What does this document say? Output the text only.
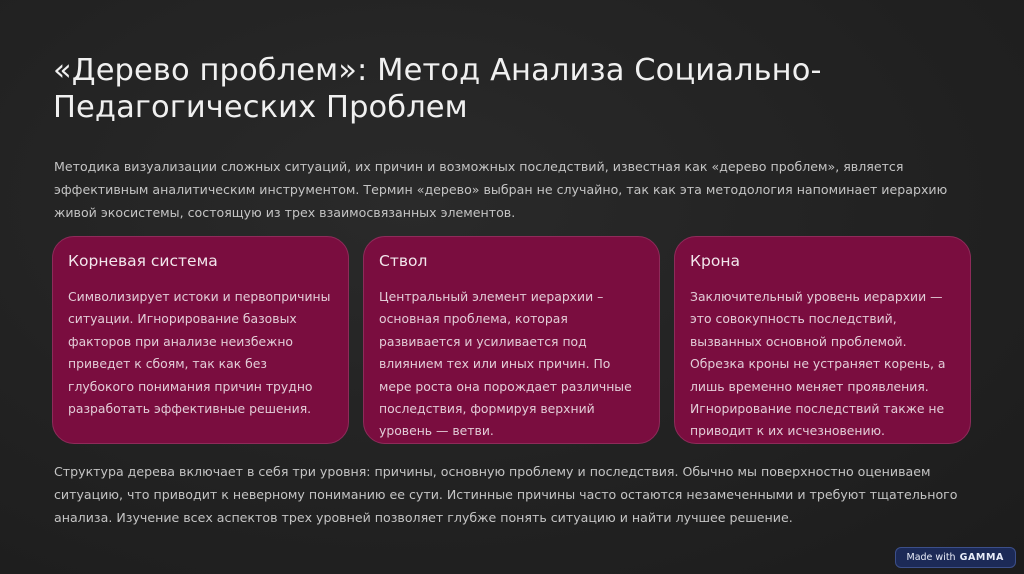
«Дерево проблем»: Метод Анализа Социально-Педагогических Проблем

Методика визуализации сложных ситуаций, их причин и возможных последствий, известная как «дерево проблем», является эффективным аналитическим инструментом. Термин «дерево» выбран не случайно, так как эта методология напоминает иерархию живой экосистемы, состоящую из трех взаимосвязанных элементов.

Корневая система

Символизирует истоки и первопричины ситуации. Игнорирование базовых факторов при анализе неизбежно приведет к сбоям, так как без глубокого понимания причин трудно разработать эффективные решения.

Ствол

Центральный элемент иерархии – основная проблема, которая развивается и усиливается под влиянием тех или иных причин. По мере роста она порождает различные последствия, формируя верхний уровень — ветви.

Крона

Заключительный уровень иерархии — это совокупность последствий, вызванных основной проблемой. Обрезка кроны не устраняет корень, а лишь временно меняет проявления. Игнорирование последствий также не приводит к их исчезновению.

Структура дерева включает в себя три уровня: причины, основную проблему и последствия. Обычно мы поверхностно оцениваем ситуацию, что приводит к неверному пониманию ее сути. Истинные причины часто остаются незамеченными и требуют тщательного анализа. Изучение всех аспектов трех уровней позволяет глубже понять ситуацию и найти лучшее решение.

Made with GAMMA
